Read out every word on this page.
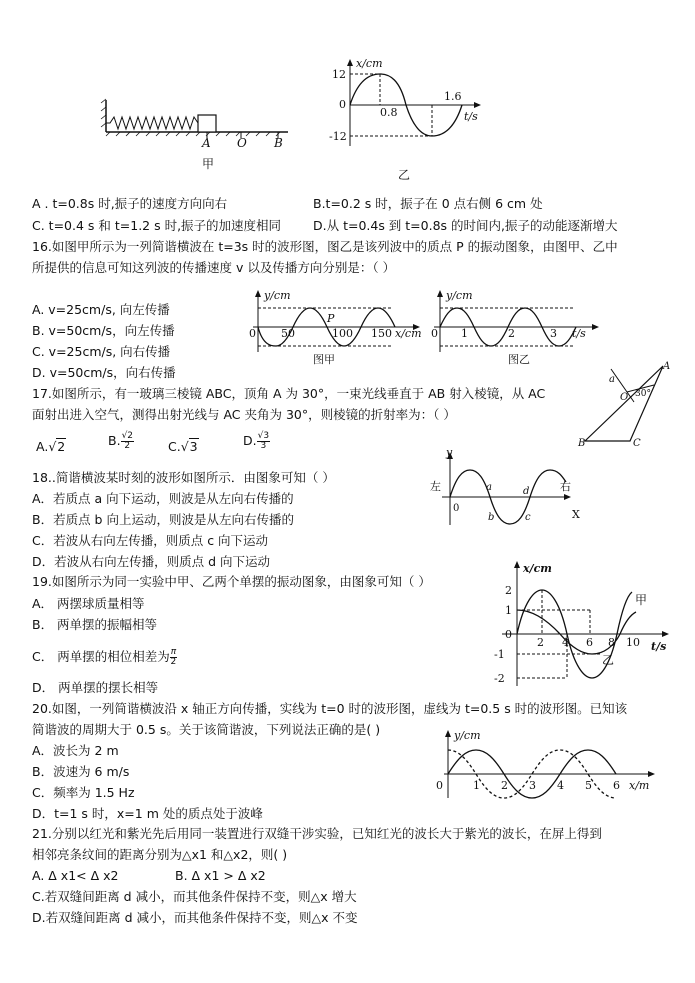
A O B
甲
x/cm
t/s
12
-12
0
0.8
1.6
乙
A . t=0.8s 时,振子的速度方向向右	B.t=0.2 s 时，振子在 0 点右侧 6 cm 处
C. t=0.4 s 和 t=1.2 s 时,振子的加速度相同	D.从 t=0.4s 到 t=0.8s 的时间内,振子的动能逐渐增大
16.如图甲所示为一列简谐横波在 t=3s 时的波形图，图乙是该列波中的质点 P 的振动图象，由图甲、乙中
所提供的信息可知这列波的传播速度 v 以及传播方向分别是：（ ）
A. v=25cm/s, 向左传播
B. v=50cm/s，向左传播
C. v=25cm/s, 向右传播
D. v=50cm/s，向右传播
y/cm
0 50	100 150 x/cm
P
图甲
y/cm
0 1	2	3 t/s
图乙
17.如图所示，有一玻璃三棱镜 ABC，顶角 A 为 30°，一束光线垂直于 AB 射入棱镜，从 AC
面射出进入空气，测得出射光线与 AC 夹角为 30°，则棱镜的折射率为：（ ）
A.√2	B. $\frac{√2}{2}$	C.√3	D. $\frac{√3}{3}$
A
B	C
O
a
30°
18..简谐横波某时刻的波形如图所示．由图象可知（ ）
A．若质点 a 向下运动，则波是从左向右传播的
B．若质点 b 向上运动，则波是从左向右传播的
C．若波从右向左传播，则质点 c 向下运动
D．若波从右向左传播，则质点 d 向下运动
y
X
0
左	右
a
b	c
d
19.如图所示为同一实验中甲、乙两个单摆的振动图象，由图象可知（ ）
A． 两摆球质量相等
B． 两单摆的振幅相等
C． 两单摆的相位相差为 $\frac{\pi}{2}$
D． 两单摆的摆长相等
x/cm
2
1
0
-1
-2
2 4 6 8 10 t/s
甲
乙
20.如图，一列简谐横波沿 x 轴正方向传播，实线为 t=0 时的波形图，虚线为 t=0.5 s 时的波形图。已知该
简谐波的周期大于 0.5 s。关于该简谐波，下列说法正确的是( )
A．波长为 2 m
B．波速为 6 m/s
C．频率为 1.5 Hz
D．t=1 s 时，x=1 m 处的质点处于波峰
y/cm
0	1 2 3 4 5 6 x/m
21.分别以红光和紫光先后用同一装置进行双缝干涉实验，已知红光的波长大于紫光的波长，在屏上得到
相邻亮条纹间的距离分别为△x1 和△x2，则( )
A. Δ x1< Δ x2	B. Δ x1 > Δ x2
C.若双缝间距离 d 减小，而其他条件保持不变，则△x 增大
D.若双缝间距离 d 减小，而其他条件保持不变，则△x 不变
